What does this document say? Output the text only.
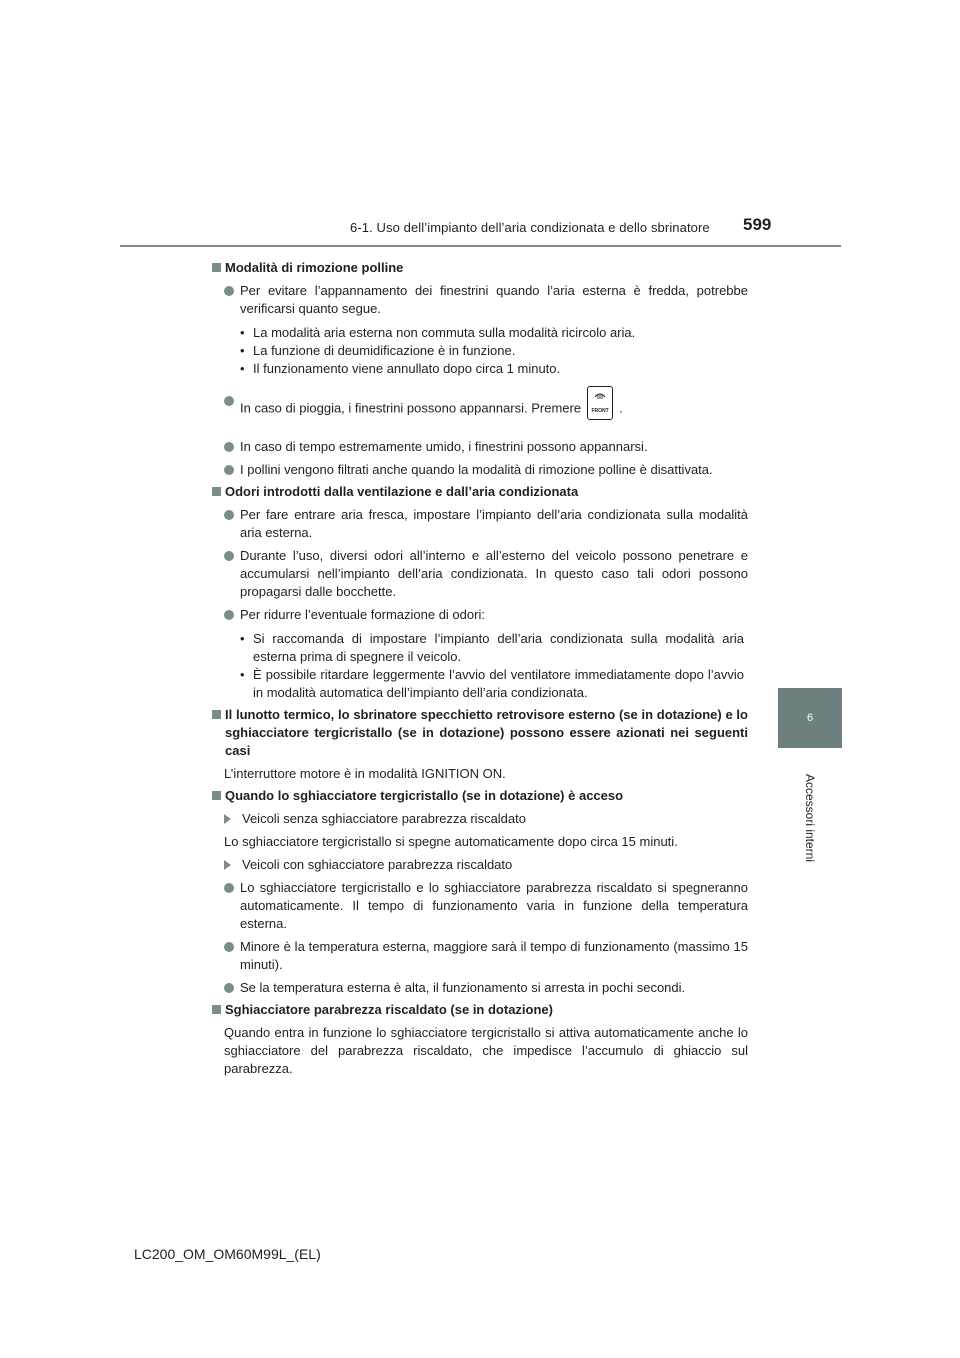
6-1. Uso dell’impianto dell’aria condizionata e dello sbrinatore 599
6
Accessori interni
Modalità di rimozione polline
Per evitare l’appannamento dei finestrini quando l’aria esterna è fredda, potrebbe verificarsi quanto segue.
• La modalità aria esterna non commuta sulla modalità ricircolo aria.
• La funzione di deumidificazione è in funzione.
• Il funzionamento viene annullato dopo circa 1 minuto.
In caso di pioggia, i finestrini possono appannarsi. Premere	FRONT .
In caso di tempo estremamente umido, i finestrini possono appannarsi.
I pollini vengono filtrati anche quando la modalità di rimozione polline è disattivata.
Odori introdotti dalla ventilazione e dall’aria condizionata
Per fare entrare aria fresca, impostare l’impianto dell’aria condizionata sulla modalità aria esterna.
Durante l’uso, diversi odori all’interno e all’esterno del veicolo possono penetrare e accumularsi nell’impianto dell’aria condizionata. In questo caso tali odori possono propagarsi dalle bocchette.
Per ridurre l’eventuale formazione di odori:
• Si raccomanda di impostare l’impianto dell’aria condizionata sulla modalità aria esterna prima di spegnere il veicolo.
• È possibile ritardare leggermente l’avvio del ventilatore immediatamente dopo l’avvio in modalità automatica dell’impianto dell’aria condizionata.
Il lunotto termico, lo sbrinatore specchietto retrovisore esterno (se in dotazione) e lo sghiacciatore tergicristallo (se in dotazione) possono essere azionati nei seguenti casi
L’interruttore motore è in modalità IGNITION ON.
Quando lo sghiacciatore tergicristallo (se in dotazione) è acceso
Veicoli senza sghiacciatore parabrezza riscaldato
Lo sghiacciatore tergicristallo si spegne automaticamente dopo circa 15 minuti.
Veicoli con sghiacciatore parabrezza riscaldato
Lo sghiacciatore tergicristallo e lo sghiacciatore parabrezza riscaldato si spegneranno automaticamente. Il tempo di funzionamento varia in funzione della temperatura esterna.
Minore è la temperatura esterna, maggiore sarà il tempo di funzionamento (massimo 15 minuti).
Se la temperatura esterna è alta, il funzionamento si arresta in pochi secondi.
Sghiacciatore parabrezza riscaldato (se in dotazione)
Quando entra in funzione lo sghiacciatore tergicristallo si attiva automaticamente anche lo sghiacciatore del parabrezza riscaldato, che impedisce l’accumulo di ghiaccio sul parabrezza.
LC200_OM_OM60M99L_(EL)
